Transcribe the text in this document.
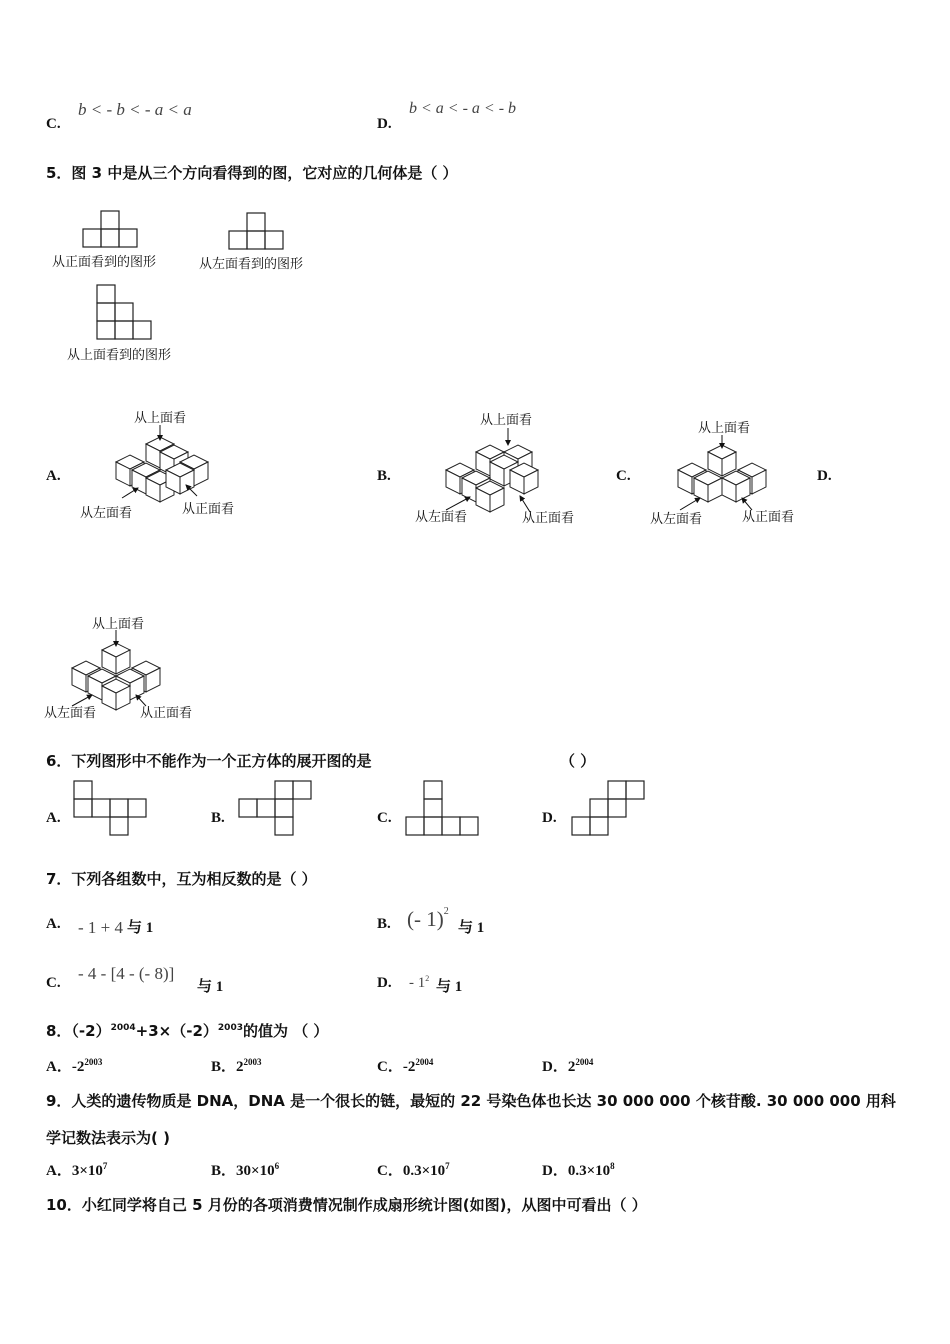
C.
b < - b < - a < a
D.
b < a < - a < - b
5．图 3 中是从三个方向看得到的图，它对应的几何体是（ ）
从正面看到的图形	从左面看到的图形
从上面看到的图形
A.	B.	C.	D.
从上面看
从左面看	从正面看
从上面看
从左面看	从正面看
从上面看
从左面看	从正面看
从上面看
从左面看	从正面看
6．下列图形中不能作为一个正方体的展开图的是	（ ）
A.	B.	C.	D.
7．下列各组数中，互为相反数的是（ ）
A. - 1 + 4 与 1	B. (- 1)$^2$
与 1
C. - 4 - [4 - (- 8)]
与 1	D. - $1^2$
与 1
8．$(-2)^{2004}+3\times(-2)^{2003}$的值为 （ ）
A．$-2^{2003}$	B．$2^{2003}$	C．$-2^{2004}$	D．$2^{2004}$
9．人类的遗传物质是 DNA，DNA 是一个很长的链，最短的 22 号染色体也长达 30 000 000 个核苷酸. 30 000 000 用科
学记数法表示为( )
A．$3\times 10^7$	B．$30\times 10^6$	C．$0.3\times 10^7$	D．$0.3\times 10^8$
10．小红同学将自己 5 月份的各项消费情况制作成扇形统计图(如图)，从图中可看出（ ）
